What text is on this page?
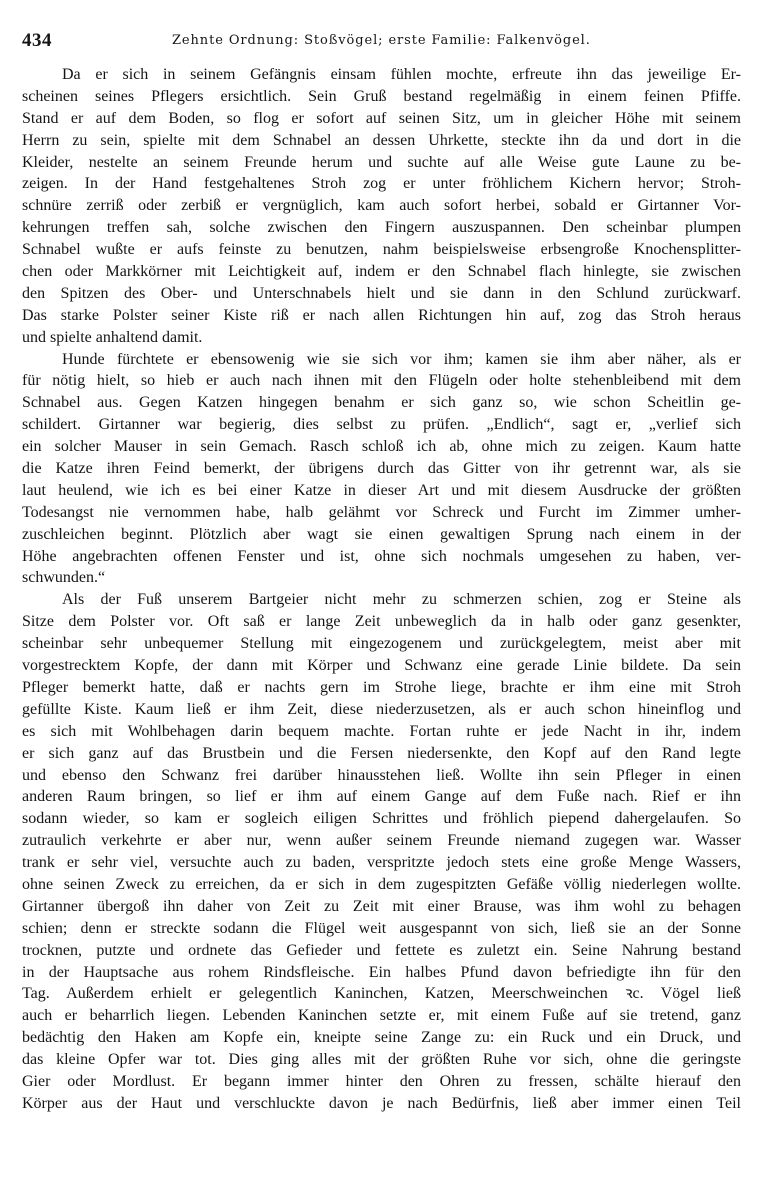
434	Zehnte Ordnung: Stoßvögel; erste Familie: Falkenvögel.
Da er sich in seinem Gefängnis einsam fühlen mochte, erfreute ihn das jeweilige Er-
scheinen seines Pflegers ersichtlich. Sein Gruß bestand regelmäßig in einem feinen Pfiffe.
Stand er auf dem Boden, so flog er sofort auf seinen Sitz, um in gleicher Höhe mit seinem
Herrn zu sein, spielte mit dem Schnabel an dessen Uhrkette, steckte ihn da und dort in die
Kleider, nestelte an seinem Freunde herum und suchte auf alle Weise gute Laune zu be-
zeigen. In der Hand festgehaltenes Stroh zog er unter fröhlichem Kichern hervor; Stroh-
schnüre zerriß oder zerbiß er vergnüglich, kam auch sofort herbei, sobald er Girtanner Vor-
kehrungen treffen sah, solche zwischen den Fingern auszuspannen. Den scheinbar plumpen
Schnabel wußte er aufs feinste zu benutzen, nahm beispielsweise erbsengroße Knochensplitter-
chen oder Markkörner mit Leichtigkeit auf, indem er den Schnabel flach hinlegte, sie zwischen
den Spitzen des Ober- und Unterschnabels hielt und sie dann in den Schlund zurückwarf.
Das starke Polster seiner Kiste riß er nach allen Richtungen hin auf, zog das Stroh heraus
und spielte anhaltend damit.
Hunde fürchtete er ebensowenig wie sie sich vor ihm; kamen sie ihm aber näher, als er
für nötig hielt, so hieb er auch nach ihnen mit den Flügeln oder holte stehenbleibend mit dem
Schnabel aus. Gegen Katzen hingegen benahm er sich ganz so, wie schon Scheitlin ge-
schildert. Girtanner war begierig, dies selbst zu prüfen. „Endlich“, sagt er, „verlief sich
ein solcher Mauser in sein Gemach. Rasch schloß ich ab, ohne mich zu zeigen. Kaum hatte
die Katze ihren Feind bemerkt, der übrigens durch das Gitter von ihr getrennt war, als sie
laut heulend, wie ich es bei einer Katze in dieser Art und mit diesem Ausdrucke der größten
Todesangst nie vernommen habe, halb gelähmt vor Schreck und Furcht im Zimmer umher-
zuschleichen beginnt. Plötzlich aber wagt sie einen gewaltigen Sprung nach einem in der
Höhe angebrachten offenen Fenster und ist, ohne sich nochmals umgesehen zu haben, ver-
schwunden.“
Als der Fuß unserem Bartgeier nicht mehr zu schmerzen schien, zog er Steine als
Sitze dem Polster vor. Oft saß er lange Zeit unbeweglich da in halb oder ganz gesenkter,
scheinbar sehr unbequemer Stellung mit eingezogenem und zurückgelegtem, meist aber mit
vorgestrecktem Kopfe, der dann mit Körper und Schwanz eine gerade Linie bildete. Da sein
Pfleger bemerkt hatte, daß er nachts gern im Strohe liege, brachte er ihm eine mit Stroh
gefüllte Kiste. Kaum ließ er ihm Zeit, diese niederzusetzen, als er auch schon hineinflog und
es sich mit Wohlbehagen darin bequem machte. Fortan ruhte er jede Nacht in ihr, indem
er sich ganz auf das Brustbein und die Fersen niedersenkte, den Kopf auf den Rand legte
und ebenso den Schwanz frei darüber hinausstehen ließ. Wollte ihn sein Pfleger in einen
anderen Raum bringen, so lief er ihm auf einem Gange auf dem Fuße nach. Rief er ihn
sodann wieder, so kam er sogleich eiligen Schrittes und fröhlich piepend dahergelaufen. So
zutraulich verkehrte er aber nur, wenn außer seinem Freunde niemand zugegen war. Wasser
trank er sehr viel, versuchte auch zu baden, verspritzte jedoch stets eine große Menge Wassers,
ohne seinen Zweck zu erreichen, da er sich in dem zugespitzten Gefäße völlig niederlegen wollte.
Girtanner übergoß ihn daher von Zeit zu Zeit mit einer Brause, was ihm wohl zu behagen
schien; denn er streckte sodann die Flügel weit ausgespannt von sich, ließ sie an der Sonne
trocknen, putzte und ordnete das Gefieder und fettete es zuletzt ein. Seine Nahrung bestand
in der Hauptsache aus rohem Rindsfleische. Ein halbes Pfund davon befriedigte ihn für den
Tag. Außerdem erhielt er gelegentlich Kaninchen, Katzen, Meerschweinchen ꝛc. Vögel ließ
auch er beharrlich liegen. Lebenden Kaninchen setzte er, mit einem Fuße auf sie tretend, ganz
bedächtig den Haken am Kopfe ein, kneipte seine Zange zu: ein Ruck und ein Druck, und
das kleine Opfer war tot. Dies ging alles mit der größten Ruhe vor sich, ohne die geringste
Gier oder Mordlust. Er begann immer hinter den Ohren zu fressen, schälte hierauf den
Körper aus der Haut und verschluckte davon je nach Bedürfnis, ließ aber immer einen Teil
